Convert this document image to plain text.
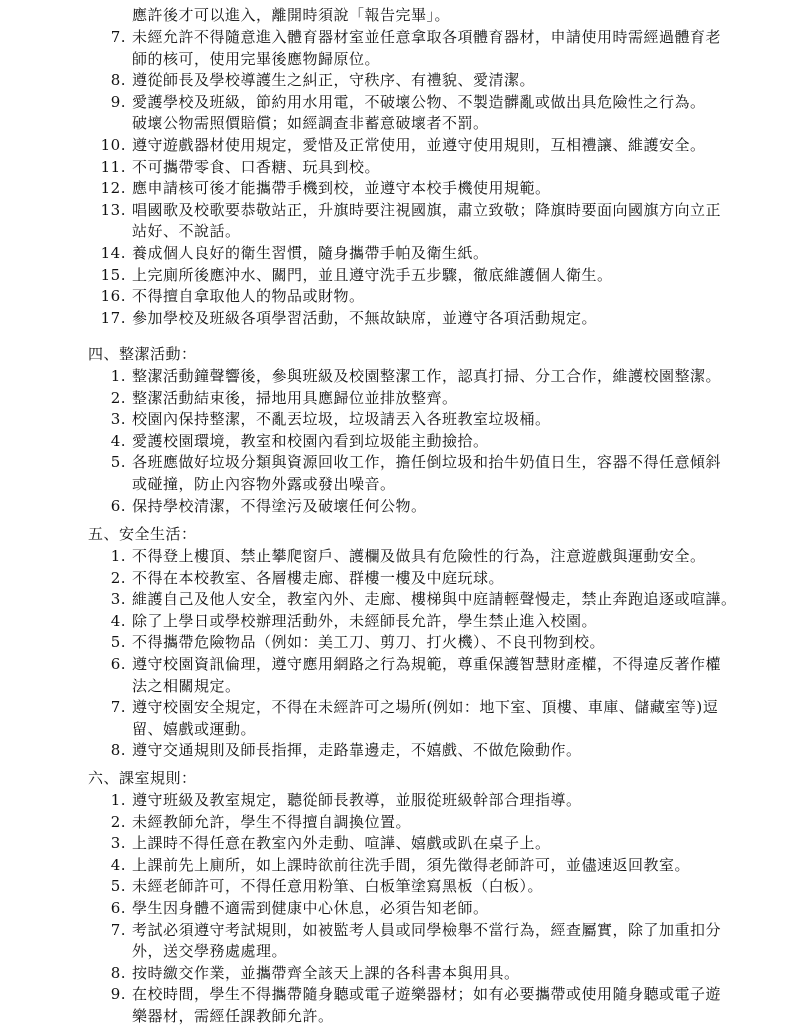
應許後才可以進入，離開時須說「報告完畢」。
7. 未經允許不得隨意進入體育器材室並任意拿取各項體育器材，申請使用時需經過體育老
師的核可，使用完畢後應物歸原位。
8. 遵從師長及學校導護生之糾正，守秩序、有禮貌、愛清潔。
9. 愛護學校及班級，節約用水用電，不破壞公物、不製造髒亂或做出具危險性之行為。
破壞公物需照價賠償；如經調查非蓄意破壞者不罰。
10. 遵守遊戲器材使用規定，愛惜及正常使用，並遵守使用規則，互相禮讓、維護安全。
11. 不可攜帶零食、口香糖、玩具到校。
12. 應申請核可後才能攜帶手機到校，並遵守本校手機使用規範。
13. 唱國歌及校歌要恭敬站正，升旗時要注視國旗，肅立致敬；降旗時要面向國旗方向立正
站好、不說話。
14. 養成個人良好的衛生習慣，隨身攜帶手帕及衛生紙。
15. 上完廁所後應沖水、關門，並且遵守洗手五步驟，徹底維護個人衛生。
16. 不得擅自拿取他人的物品或財物。
17. 參加學校及班級各項學習活動，不無故缺席，並遵守各項活動規定。
四、整潔活動：
1. 整潔活動鐘聲響後，參與班級及校園整潔工作，認真打掃、分工合作，維護校園整潔。
2. 整潔活動結束後，掃地用具應歸位並排放整齊。
3. 校園內保持整潔，不亂丟垃圾，垃圾請丟入各班教室垃圾桶。
4. 愛護校園環境，教室和校園內看到垃圾能主動撿拾。
5. 各班應做好垃圾分類與資源回收工作，擔任倒垃圾和抬牛奶值日生，容器不得任意傾斜
或碰撞，防止內容物外露或發出噪音。
6. 保持學校清潔，不得塗污及破壞任何公物。
五、安全生活：
1. 不得登上樓頂、禁止攀爬窗戶、護欄及做具有危險性的行為，注意遊戲與運動安全。
2. 不得在本校教室、各層樓走廊、群樓一樓及中庭玩球。
3. 維護自己及他人安全，教室內外、走廊、樓梯與中庭請輕聲慢走，禁止奔跑追逐或喧譁。
4. 除了上學日或學校辦理活動外，未經師長允許，學生禁止進入校園。
5. 不得攜帶危險物品（例如：美工刀、剪刀、打火機）、不良刊物到校。
6. 遵守校園資訊倫理，遵守應用網路之行為規範，尊重保護智慧財產權，不得違反著作權
法之相關規定。
7. 遵守校園安全規定，不得在未經許可之場所(例如：地下室、頂樓、車庫、儲藏室等)逗
留、嬉戲或運動。
8. 遵守交通規則及師長指揮，走路靠邊走，不嬉戲、不做危險動作。
六、課室規則：
1. 遵守班級及教室規定，聽從師長教導，並服從班級幹部合理指導。
2. 未經教師允許，學生不得擅自調換位置。
3. 上課時不得任意在教室內外走動、喧譁、嬉戲或趴在桌子上。
4. 上課前先上廁所，如上課時欲前往洗手間，須先徵得老師許可，並儘速返回教室。
5. 未經老師許可，不得任意用粉筆、白板筆塗寫黑板（白板）。
6. 學生因身體不適需到健康中心休息，必須告知老師。
7. 考試必須遵守考試規則，如被監考人員或同學檢舉不當行為，經查屬實，除了加重扣分
外，送交學務處處理。
8. 按時繳交作業，並攜帶齊全該天上課的各科書本與用具。
9. 在校時間，學生不得攜帶隨身聽或電子遊樂器材；如有必要攜帶或使用隨身聽或電子遊
樂器材，需經任課教師允許。
